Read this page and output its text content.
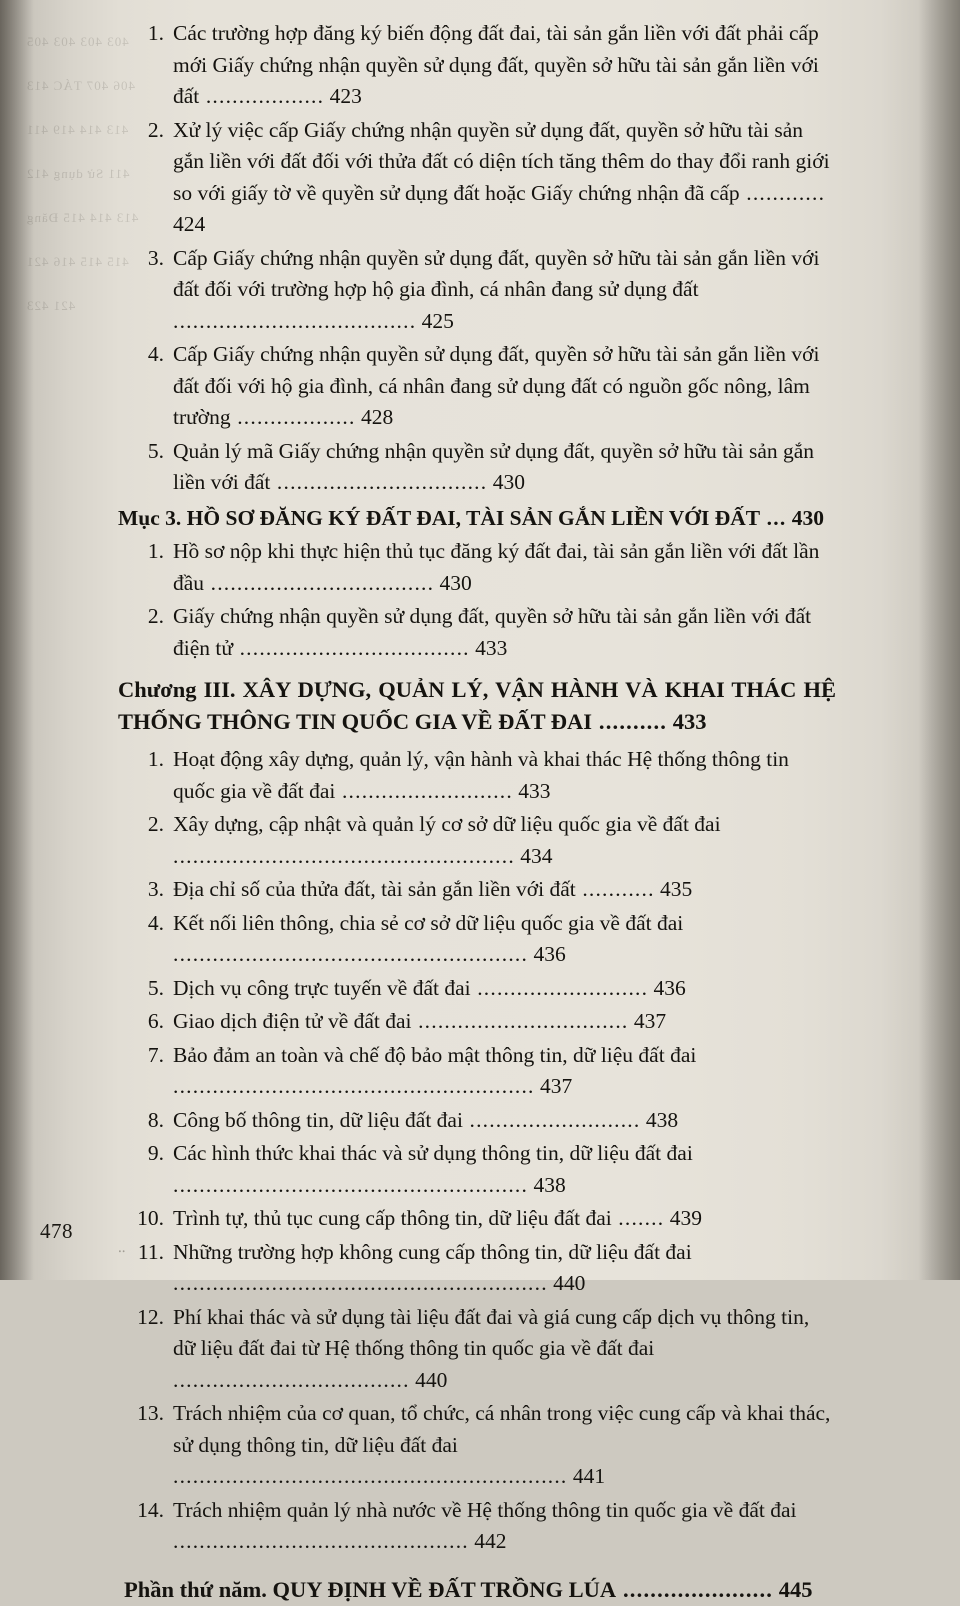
403 403 403 405 406 407 TÁC 413 413 414 419 411 411 Sử dụng 412 413 414 415 Đăng 415 415 416 421 421 423
1. Các trường hợp đăng ký biến động đất đai, tài sản gắn liền với đất phải cấp mới Giấy chứng nhận quyền sử dụng đất, quyền sở hữu tài sản gắn liền với đất .................. 423
2. Xử lý việc cấp Giấy chứng nhận quyền sử dụng đất, quyền sở hữu tài sản gắn liền với đất đối với thửa đất có diện tích tăng thêm do thay đổi ranh giới so với giấy tờ về quyền sử dụng đất hoặc Giấy chứng nhận đã cấp ............ 424
3. Cấp Giấy chứng nhận quyền sử dụng đất, quyền sở hữu tài sản gắn liền với đất đối với trường hợp hộ gia đình, cá nhân đang sử dụng đất ..................................... 425
4. Cấp Giấy chứng nhận quyền sử dụng đất, quyền sở hữu tài sản gắn liền với đất đối với hộ gia đình, cá nhân đang sử dụng đất có nguồn gốc nông, lâm trường .................. 428
5. Quản lý mã Giấy chứng nhận quyền sử dụng đất, quyền sở hữu tài sản gắn liền với đất ................................ 430
Mục 3. HỒ SƠ ĐĂNG KÝ ĐẤT ĐAI, TÀI SẢN GẮN LIỀN VỚI ĐẤT ... 430
1. Hồ sơ nộp khi thực hiện thủ tục đăng ký đất đai, tài sản gắn liền với đất lần đầu .................................. 430
2. Giấy chứng nhận quyền sử dụng đất, quyền sở hữu tài sản gắn liền với đất điện tử ................................... 433
Chương III. XÂY DỰNG, QUẢN LÝ, VẬN HÀNH VÀ KHAI THÁC HỆ THỐNG THÔNG TIN QUỐC GIA VỀ ĐẤT ĐAI .......... 433
1. Hoạt động xây dựng, quản lý, vận hành và khai thác Hệ thống thông tin quốc gia về đất đai .......................... 433
2. Xây dựng, cập nhật và quản lý cơ sở dữ liệu quốc gia về đất đai .................................................... 434
3. Địa chỉ số của thửa đất, tài sản gắn liền với đất ........... 435
4. Kết nối liên thông, chia sẻ cơ sở dữ liệu quốc gia về đất đai ...................................................... 436
5. Dịch vụ công trực tuyến về đất đai .......................... 436
6. Giao dịch điện tử về đất đai ................................ 437
7. Bảo đảm an toàn và chế độ bảo mật thông tin, dữ liệu đất đai ....................................................... 437
8. Công bố thông tin, dữ liệu đất đai .......................... 438
9. Các hình thức khai thác và sử dụng thông tin, dữ liệu đất đai ...................................................... 438
10. Trình tự, thủ tục cung cấp thông tin, dữ liệu đất đai ....... 439
11. Những trường hợp không cung cấp thông tin, dữ liệu đất đai ......................................................... 440
12. Phí khai thác và sử dụng tài liệu đất đai và giá cung cấp dịch vụ thông tin, dữ liệu đất đai từ Hệ thống thông tin quốc gia về đất đai .................................... 440
13. Trách nhiệm của cơ quan, tổ chức, cá nhân trong việc cung cấp và khai thác, sử dụng thông tin, dữ liệu đất đai ............................................................ 441
14. Trách nhiệm quản lý nhà nước về Hệ thống thông tin quốc gia về đất đai ............................................. 442
Phần thứ năm. QUY ĐỊNH VỀ ĐẤT TRỒNG LÚA ...................... 445
478
⸱⸱
